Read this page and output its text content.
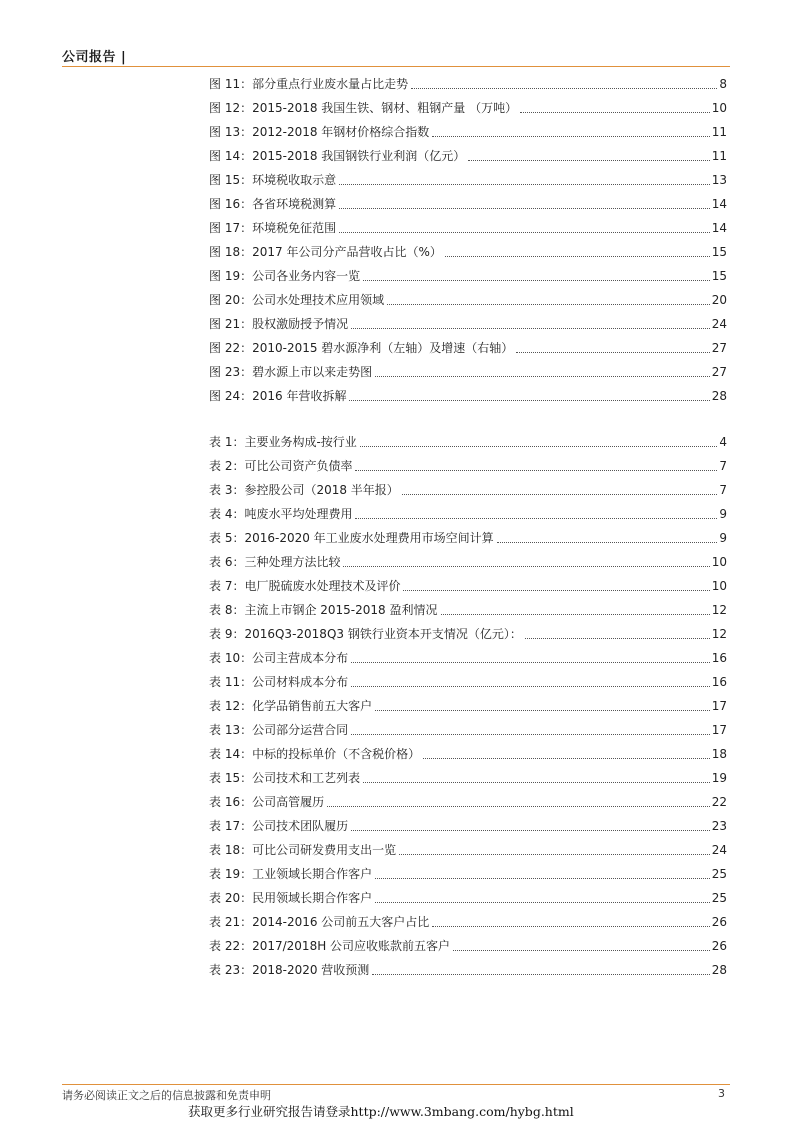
公司报告 |
图 11：部分重点行业废水量占比走势	8
图 12：2015-2018 我国生铁、钢材、粗钢产量 （万吨）	10
图 13：2012-2018 年钢材价格综合指数	11
图 14：2015-2018 我国钢铁行业利润（亿元）	11
图 15：环境税收取示意	13
图 16：各省环境税测算	14
图 17：环境税免征范围	14
图 18：2017 年公司分产品营收占比（%）	15
图 19：公司各业务内容一览	15
图 20：公司水处理技术应用领域	20
图 21：股权激励授予情况	24
图 22：2010-2015 碧水源净利（左轴）及增速（右轴）	27
图 23：碧水源上市以来走势图	27
图 24：2016 年营收拆解	28
表 1：主要业务构成-按行业	4
表 2：可比公司资产负债率	7
表 3：参控股公司（2018 半年报）	7
表 4：吨废水平均处理费用	9
表 5：2016-2020 年工业废水处理费用市场空间计算	9
表 6：三种处理方法比较	10
表 7：电厂脱硫废水处理技术及评价	10
表 8：主流上市钢企 2015-2018 盈利情况	12
表 9：2016Q3-2018Q3 钢铁行业资本开支情况（亿元）：	12
表 10：公司主营成本分布	16
表 11：公司材料成本分布	16
表 12：化学品销售前五大客户	17
表 13：公司部分运营合同	17
表 14：中标的投标单价（不含税价格）	18
表 15：公司技术和工艺列表	19
表 16：公司高管履历	22
表 17：公司技术团队履历	23
表 18：可比公司研发费用支出一览	24
表 19：工业领域长期合作客户	25
表 20：民用领域长期合作客户	25
表 21：2014-2016 公司前五大客户占比	26
表 22：2017/2018H 公司应收账款前五客户	26
表 23：2018-2020 营收预测	28
请务必阅读正文之后的信息披露和免责申明	3
获取更多行业研究报告请登录http://www.3mbang.com/hybg.html
